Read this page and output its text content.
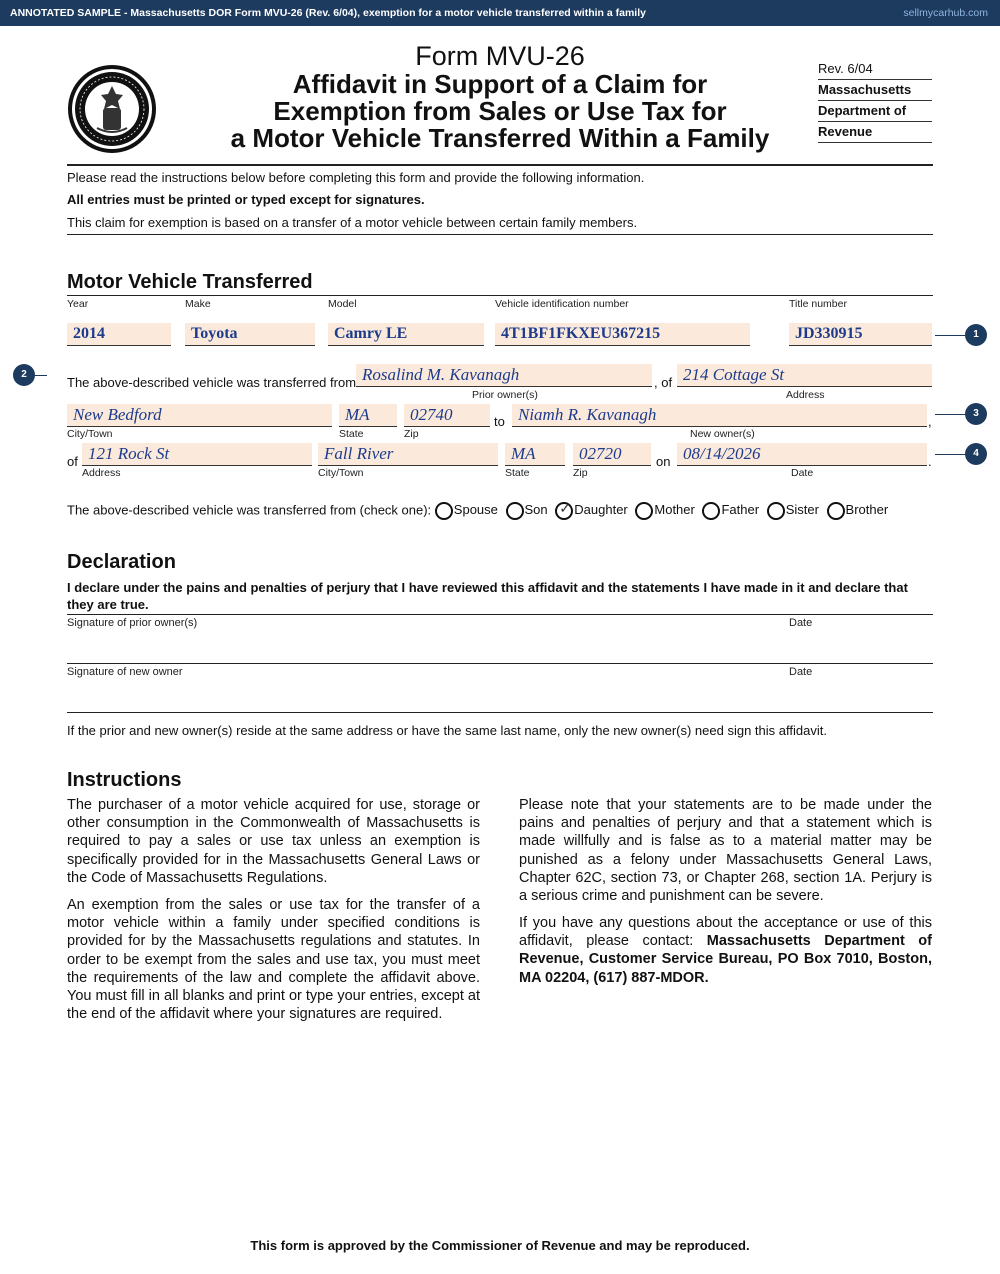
ANNOTATED SAMPLE - Massachusetts DOR Form MVU-26 (Rev. 6/04), exemption for a motor vehicle transferred within a family	sellmycarhub.com
Form MVU-26
Affidavit in Support of a Claim for
Exemption from Sales or Use Tax for
a Motor Vehicle Transferred Within a Family
Rev. 6/04
Massachusetts
Department of
Revenue
Please read the instructions below before completing this form and provide the following information.
All entries must be printed or typed except for signatures.
This claim for exemption is based on a transfer of a motor vehicle between certain family members.
Motor Vehicle Transferred
Year	Make	Model	Vehicle identification number	Title number
2014	Toyota	Camry LE	4T1BF1FKXEU367215	JD330915	1
2
The above-described vehicle was transferred from Rosalind M. Kavanagh	, of 214 Cottage St
Prior owner(s)	Address
New Bedford	MA	02740	to Niamh R. Kavanagh	,
City/Town	State	Zip	New owner(s)
3
of 121 Rock St	Fall River	MA	02720	on 08/14/2026	.
Address	City/Town	State	Zip	Date
4
The above-described vehicle was transferred from (check one): Spouse Son ✓ Daughter Mother Father Sister Brother
Declaration
I declare under the pains and penalties of perjury that I have reviewed this affidavit and the statements I have made in it and declare that they are true.
Signature of prior owner(s)	Date
Signature of new owner	Date
If the prior and new owner(s) reside at the same address or have the same last name, only the new owner(s) need sign this affidavit.
Instructions
The purchaser of a motor vehicle acquired for use, storage or other consumption in the Commonwealth of Massachusetts is required to pay a sales or use tax unless an exemption is specifically provided for in the Massachusetts General Laws or the Code of Massachusetts Regulations.
An exemption from the sales or use tax for the transfer of a motor vehicle within a family under specified conditions is provided for by the Massachusetts regulations and statutes. In order to be exempt from the sales and use tax, you must meet the requirements of the law and complete the affidavit above. You must fill in all blanks and print or type your entries, except at the end of the affidavit where your signatures are required.
Please note that your statements are to be made under the pains and penalties of perjury and that a statement which is made willfully and is false as to a material matter may be punished as a felony under Massachusetts General Laws, Chapter 62C, section 73, or Chapter 268, section 1A. Perjury is a serious crime and punishment can be severe.
If you have any questions about the acceptance or use of this affidavit, please contact: Massachusetts Department of Revenue, Customer Service Bureau, PO Box 7010, Boston, MA 02204, (617) 887-MDOR.
This form is approved by the Commissioner of Revenue and may be reproduced.
